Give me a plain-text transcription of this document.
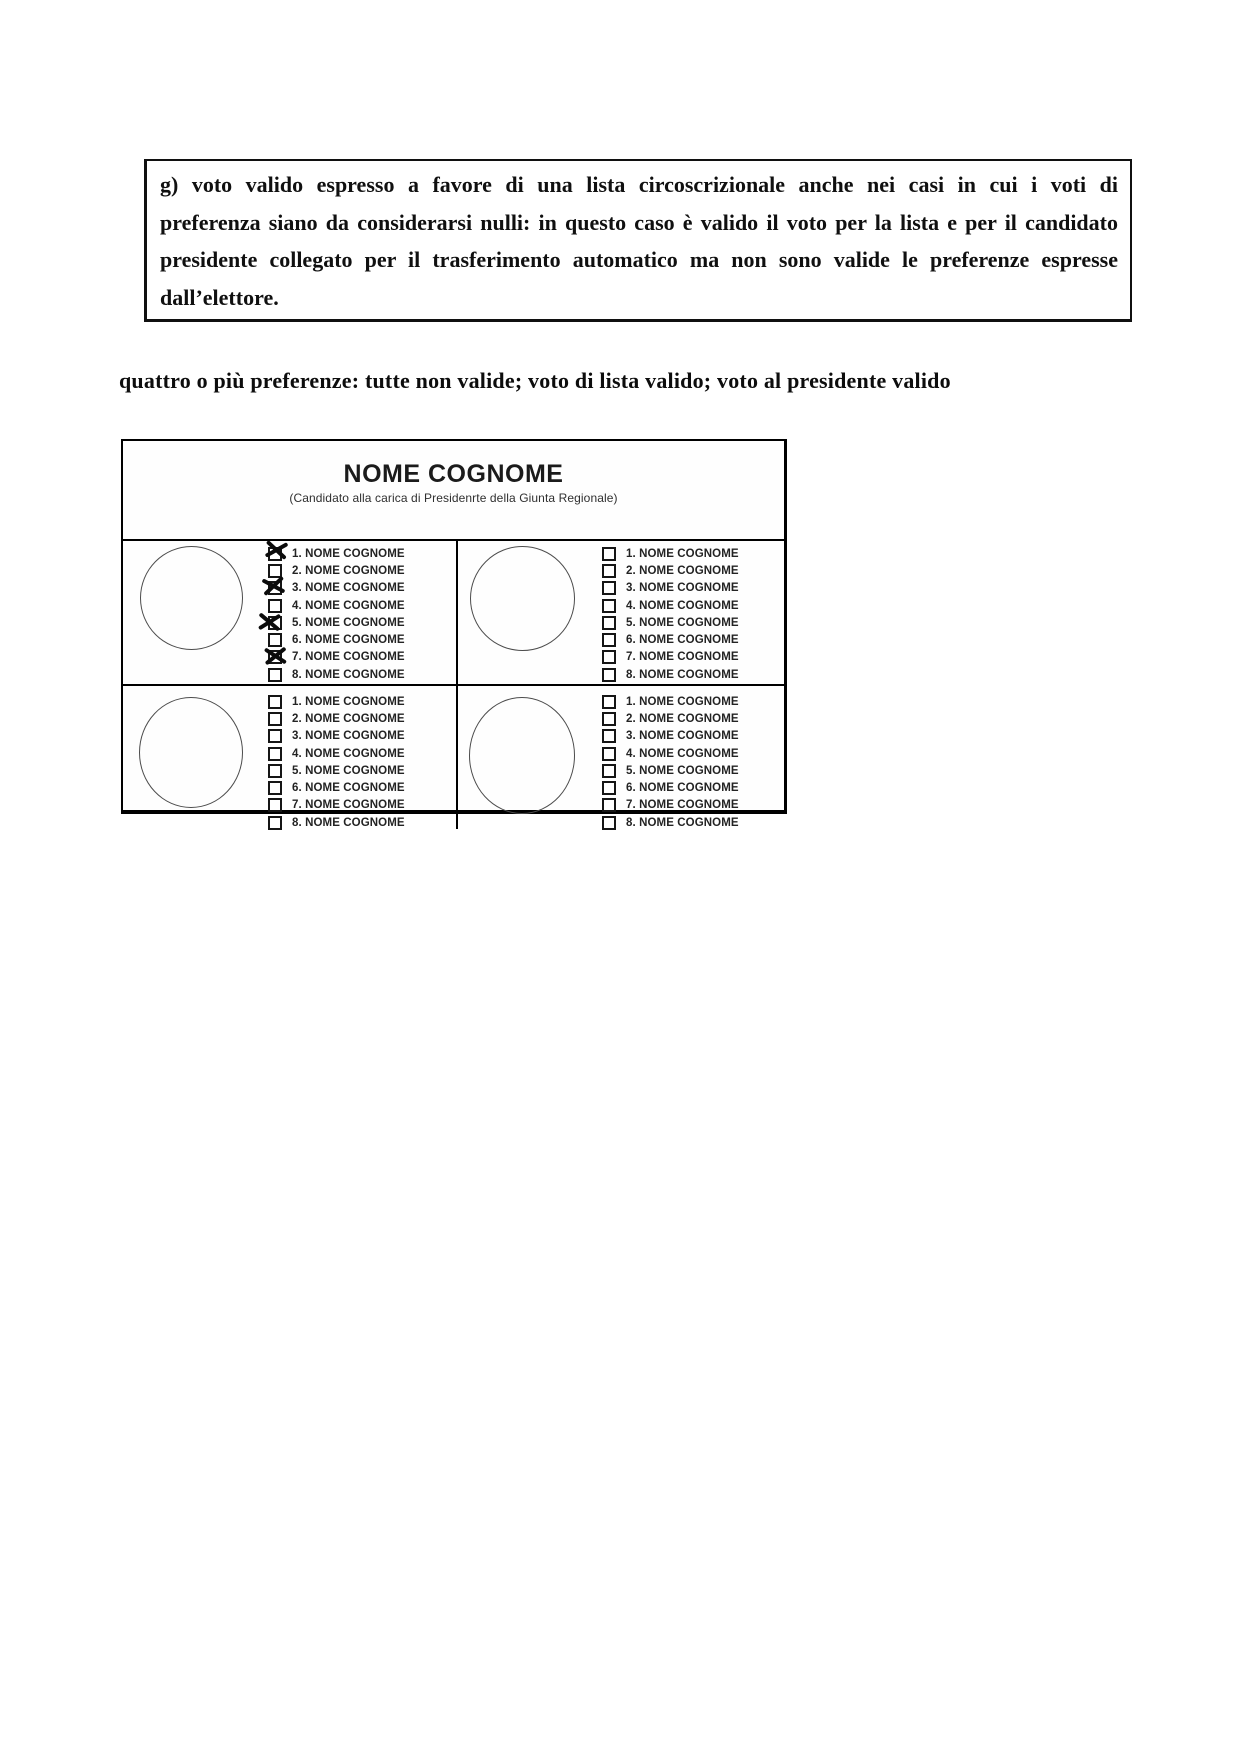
g) voto valido espresso a favore di una lista circoscrizionale anche nei casi in cui i voti di
preferenza siano da considerarsi nulli: in questo caso è valido il voto per la lista e per il candidato
presidente collegato per il trasferimento automatico ma non sono valide le preferenze espresse
dall’elettore.
quattro o più preferenze: tutte non valide; voto di lista valido; voto al presidente valido
NOME COGNOME
(Candidato alla carica di Presidenrte della Giunta Regionale)
1. NOME COGNOME
2. NOME COGNOME
3. NOME COGNOME
4. NOME COGNOME
5. NOME COGNOME
6. NOME COGNOME
7. NOME COGNOME
8. NOME COGNOME
1. NOME COGNOME
2. NOME COGNOME
3. NOME COGNOME
4. NOME COGNOME
5. NOME COGNOME
6. NOME COGNOME
7. NOME COGNOME
8. NOME COGNOME
1. NOME COGNOME
2. NOME COGNOME
3. NOME COGNOME
4. NOME COGNOME
5. NOME COGNOME
6. NOME COGNOME
7. NOME COGNOME
8. NOME COGNOME
1. NOME COGNOME
2. NOME COGNOME
3. NOME COGNOME
4. NOME COGNOME
5. NOME COGNOME
6. NOME COGNOME
7. NOME COGNOME
8. NOME COGNOME
